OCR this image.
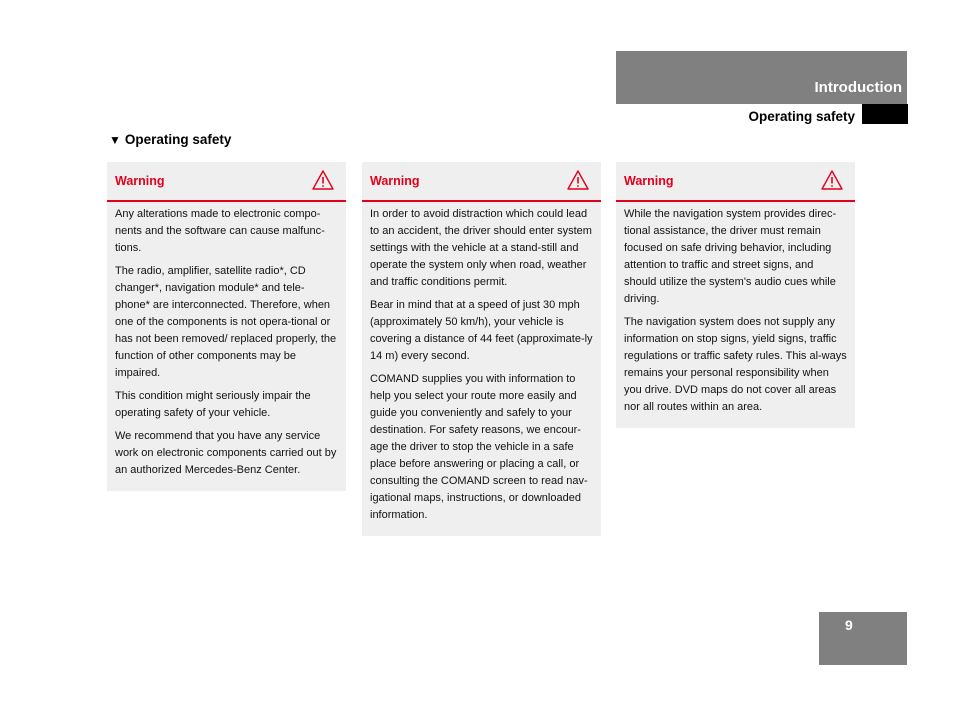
Introduction
Operating safety
▼ Operating safety
Warning

Any alterations made to electronic compo-nents and the software can cause malfunc-tions.

The radio, amplifier, satellite radio*, CD changer*, navigation module* and tele-phone* are interconnected. Therefore, when one of the components is not opera-tional or has not been removed/ replaced properly, the function of other components may be impaired.

This condition might seriously impair the operating safety of your vehicle.

We recommend that you have any service work on electronic components carried out by an authorized Mercedes-Benz Center.

Warning

In order to avoid distraction which could lead to an accident, the driver should enter system settings with the vehicle at a stand-still and operate the system only when road, weather and traffic conditions permit.

Bear in mind that at a speed of just 30 mph (approximately 50 km/h), your vehicle is covering a distance of 44 feet (approximate-ly 14 m) every second.

COMAND supplies you with information to help you select your route more easily and guide you conveniently and safely to your destination. For safety reasons, we encour-age the driver to stop the vehicle in a safe place before answering or placing a call, or consulting the COMAND screen to read nav-igational maps, instructions, or downloaded information.

Warning

While the navigation system provides direc-tional assistance, the driver must remain focused on safe driving behavior, including attention to traffic and street signs, and should utilize the system's audio cues while driving.

The navigation system does not supply any information on stop signs, yield signs, traffic regulations or traffic safety rules. This al-ways remains your personal responsibility when you drive. DVD maps do not cover all areas nor all routes within an area.

9
